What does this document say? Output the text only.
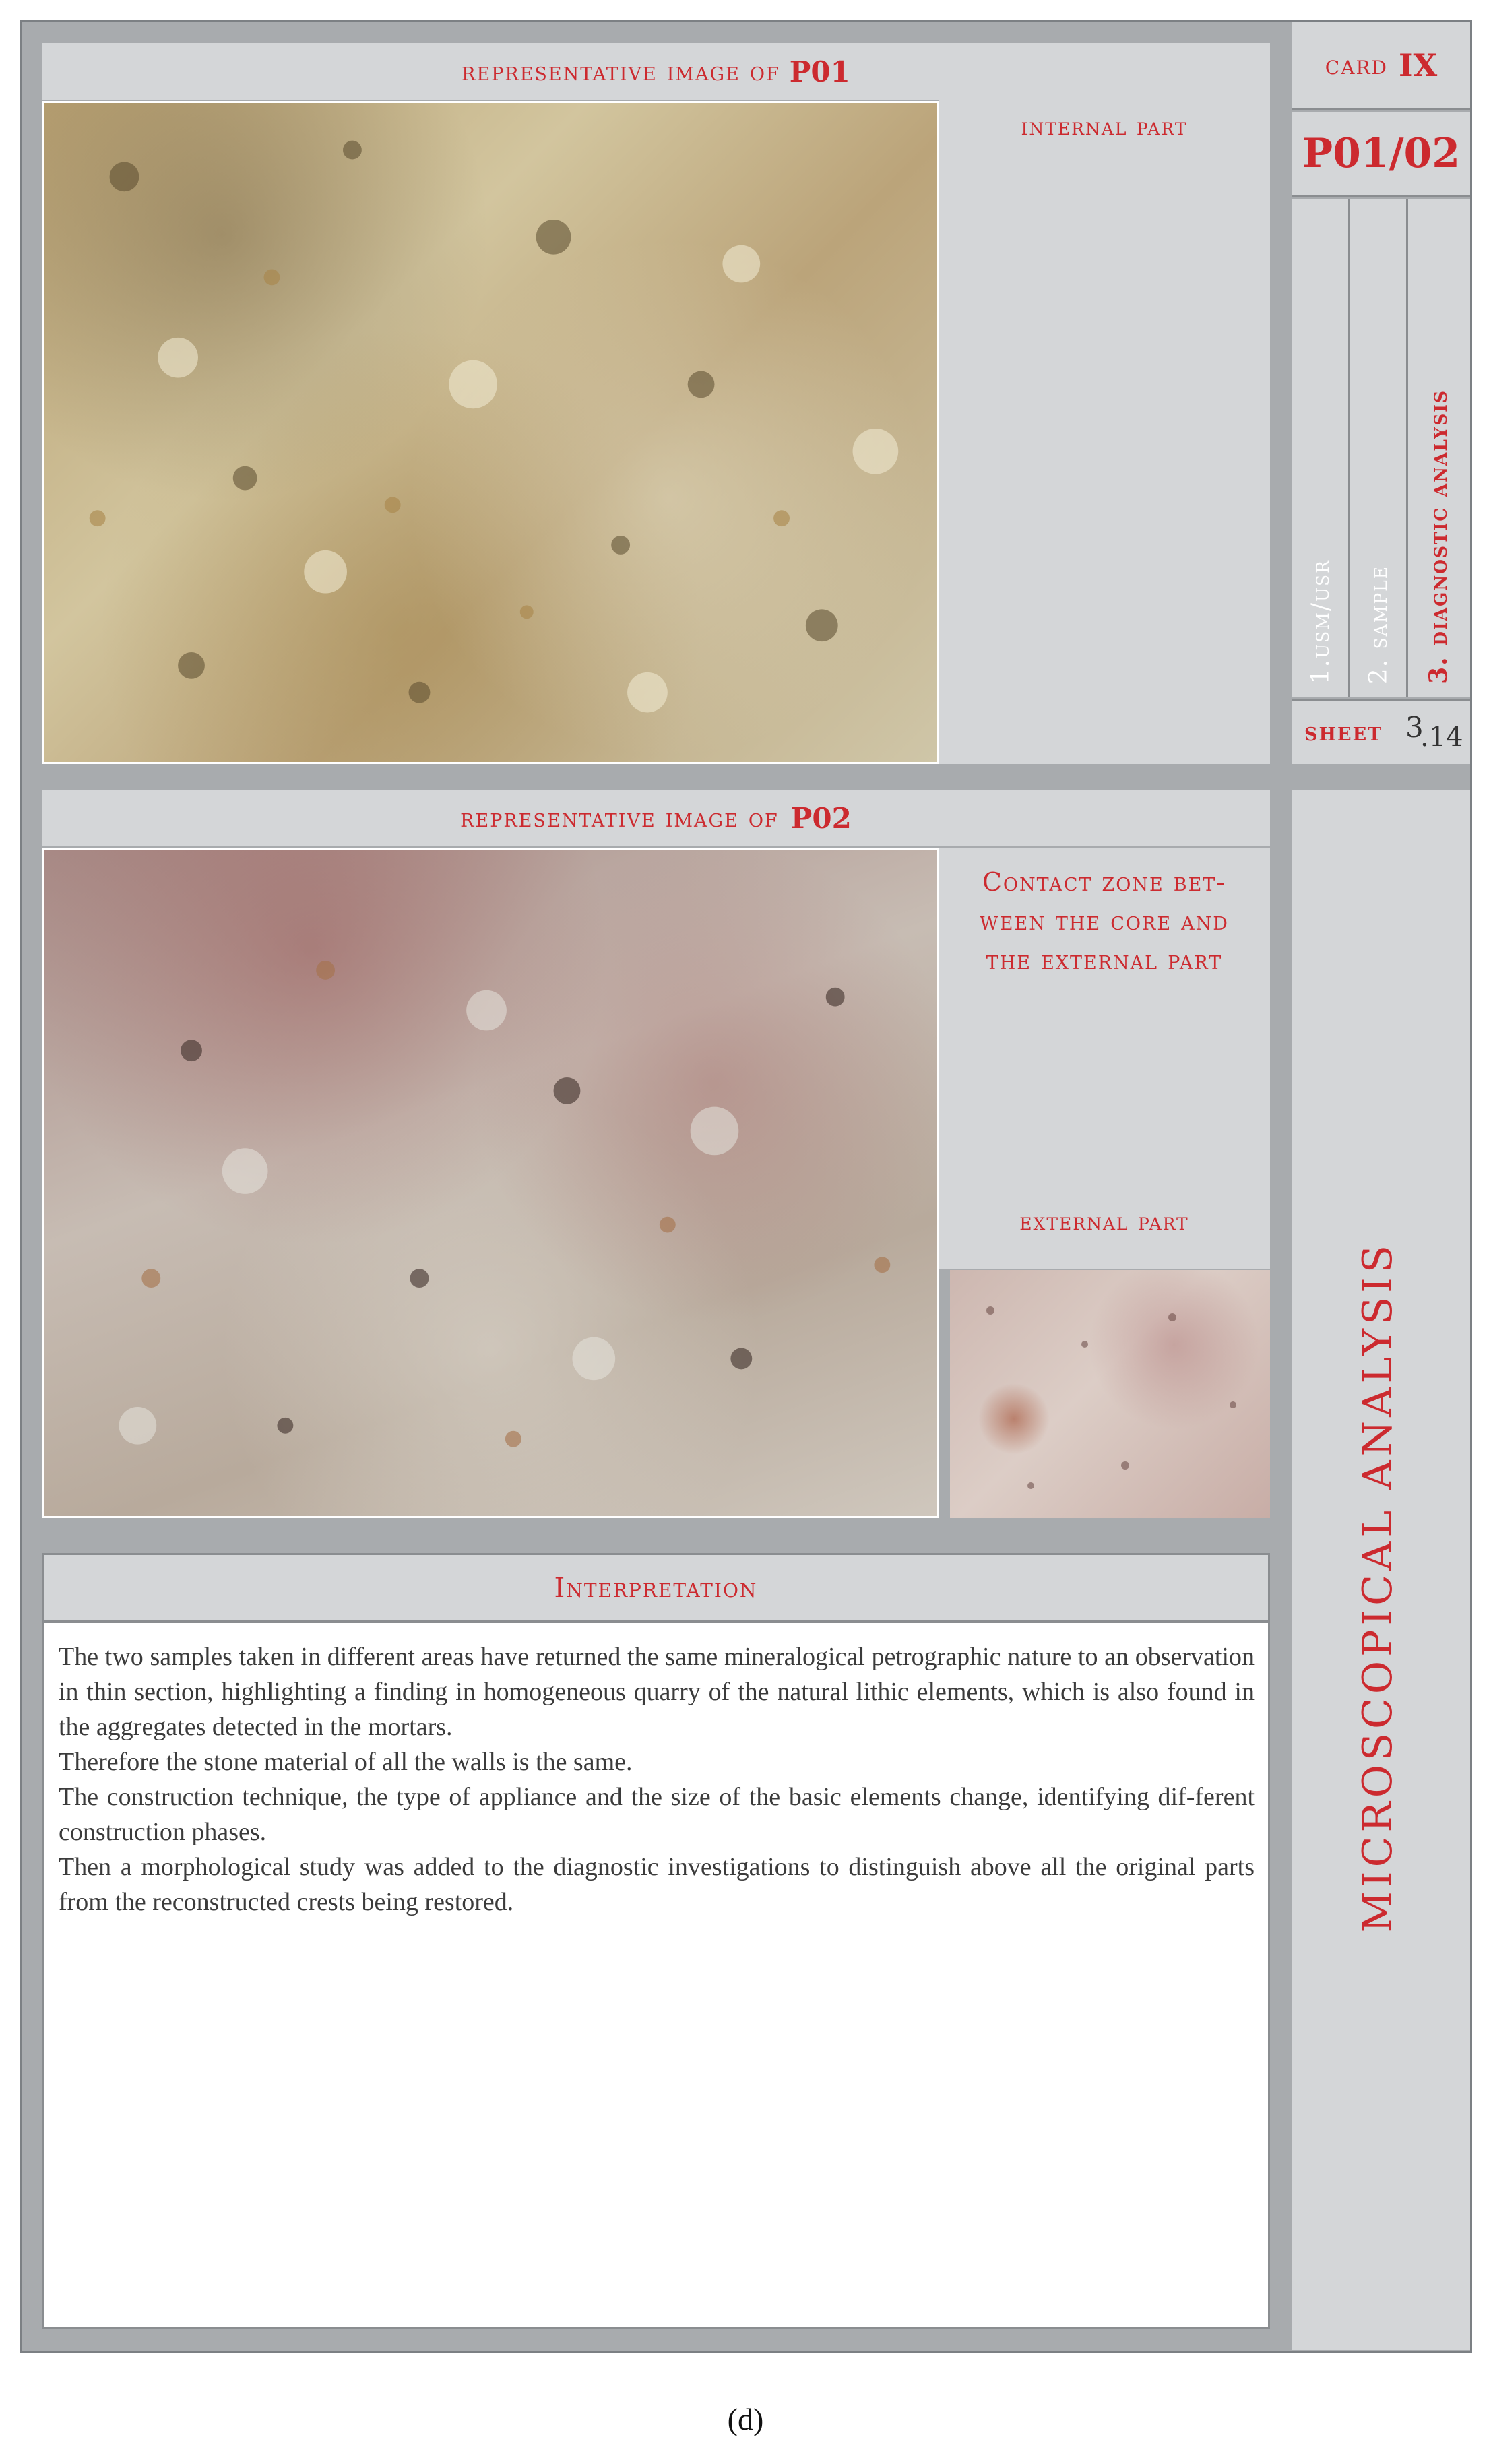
card IX
P01/02
1.usm/usr 2. sample 3. diagnostic analysis
sheet 3
.14
MICROSCOPICAL ANALYSIS
representative image of P01
internal part
representative image of P02
Contact zone bet-ween the core and the external part
external part
Interpretation

The two samples taken in different areas have returned the same mineralogical petrographic nature to an observation in thin section, highlighting a finding in homogeneous quarry of the natural lithic elements, which is also found in the aggregates detected in the mortars.

Therefore the stone material of all the walls is the same.

The construction technique, the type of appliance and the size of the basic elements change, identifying dif-ferent construction phases.

Then a morphological study was added to the diagnostic investigations to distinguish above all the original parts from the reconstructed crests being restored.

(d)
